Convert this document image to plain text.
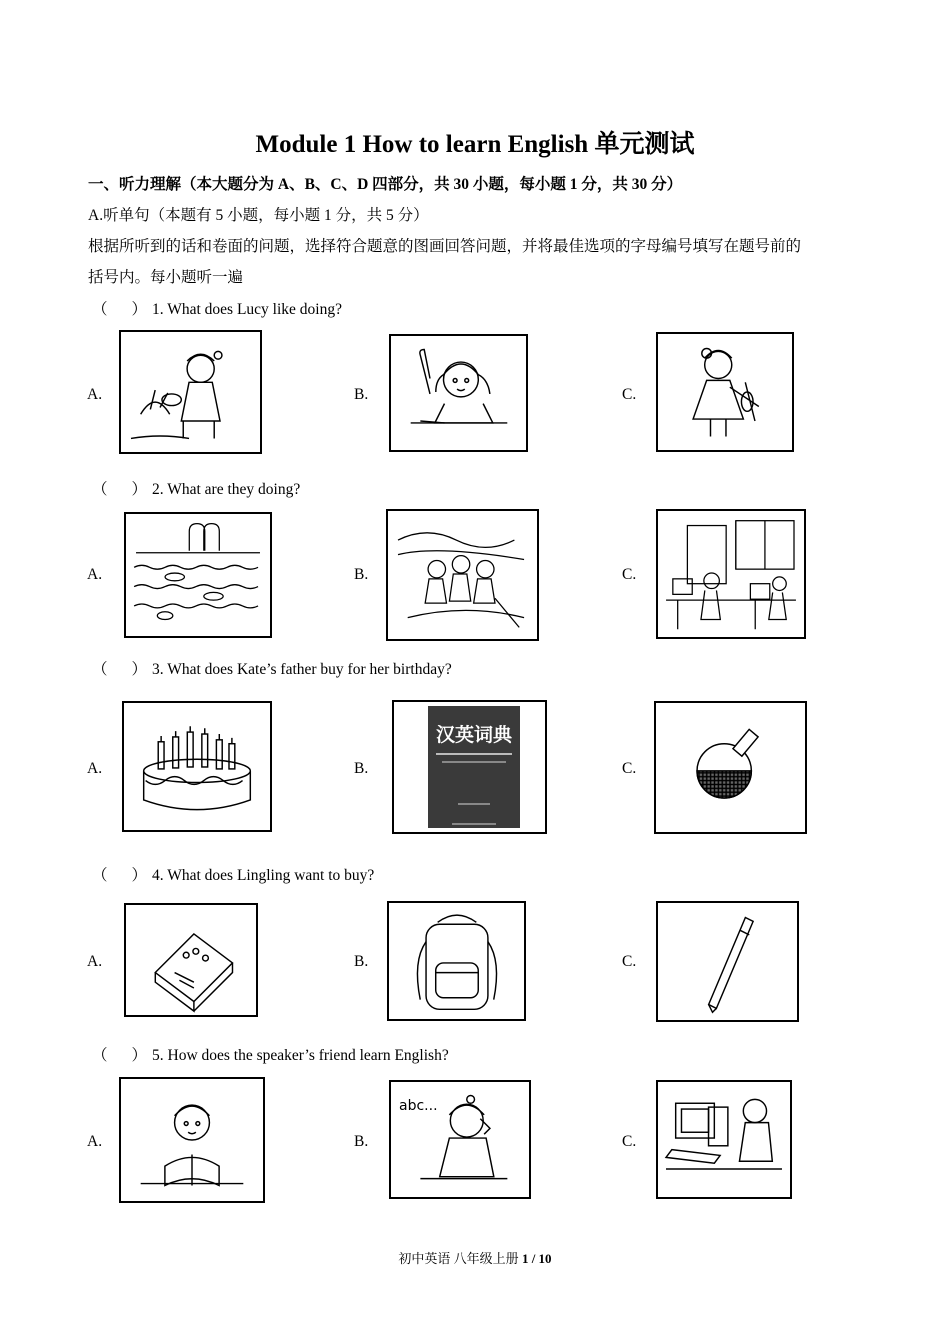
Module 1 How to learn English 单元测试
一、听力理解（本大题分为 A、B、C、D 四部分，共 30 小题，每小题 1 分，共 30 分）
A.听单句（本题有 5 小题，每小题 1 分，共 5 分）
根据所听到的话和卷面的问题，选择符合题意的图画回答问题，并将最佳选项的字母编号填写在题号前的
括号内。每小题听一遍
（ ） 1. What does Lucy like doing?
A.	B.	C.
（ ） 2. What are they doing?
A.	B.	C.
（ ） 3. What does Kate’s father buy for her birthday?
A.	B.	C.
汉英词典
（ ） 4. What does Lingling want to buy?
A.	B.	C.
（ ） 5. How does the speaker’s friend learn English?
A.	B.	C.
abc...
初中英语 八年级上册 1 / 10
